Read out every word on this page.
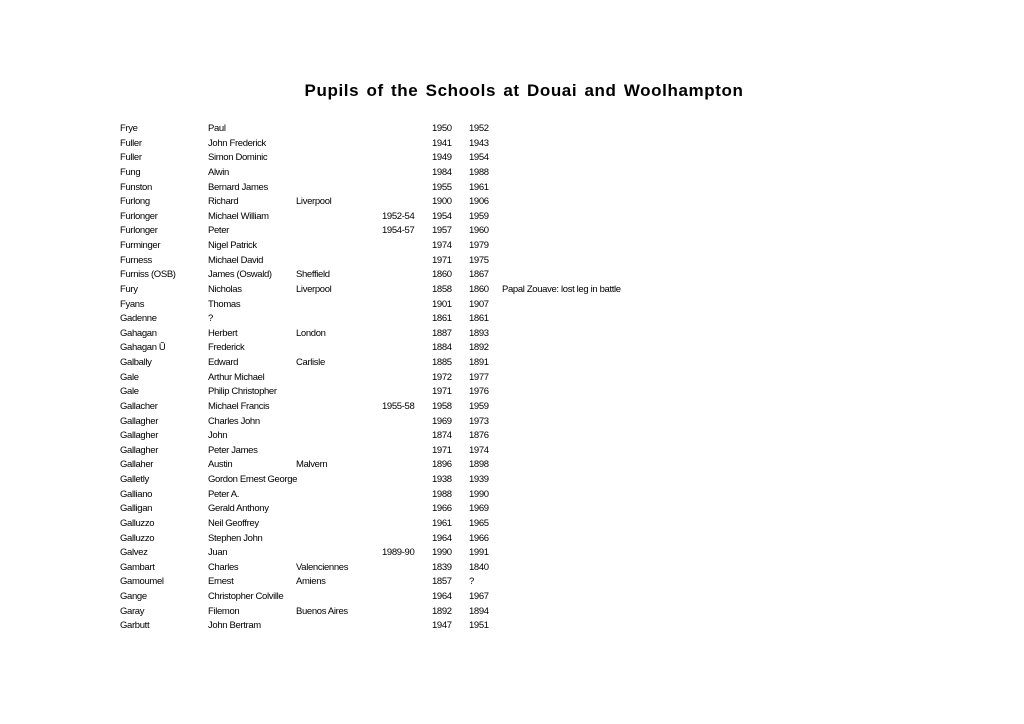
Pupils of the Schools at Douai and Woolhampton
Frye	Paul	1950 1952
Fuller	John Frederick	1941 1943
Fuller	Simon Dominic	1949 1954
Fung	Alwin	1984 1988
Funston	Bernard James	1955 1961
Furlong	Richard	Liverpool	1900 1906
Furlonger	Michael William	1952-54 1954 1959
Furlonger	Peter	1954-57 1957 1960
Furminger	Nigel Patrick	1974 1979
Furness	Michael David	1971 1975
Furniss (OSB)	James (Oswald)	Sheffield	1860 1867
Fury	Nicholas	Liverpool	1858 1860 Papal Zouave: lost leg in battle
Fyans	Thomas	1901 1907
Gadenne	?	1861 1861
Gahagan	Herbert	London	1887 1893
Gahagan Ũ	Frederick	1884 1892
Galbally	Edward	Carlisle	1885 1891
Gale	Arthur Michael	1972 1977
Gale	Philip Christopher	1971 1976
Gallacher	Michael Francis	1955-58 1958 1959
Gallagher	Charles John	1969 1973
Gallagher	John	1874 1876
Gallagher	Peter James	1971 1974
Gallaher	Austin	Malvern	1896 1898
Galletly	Gordon Ernest George	1938 1939
Galliano	Peter A.	1988 1990
Galligan	Gerald Anthony	1966 1969
Galluzzo	Neil Geoffrey	1961 1965
Galluzzo	Stephen John	1964 1966
Galvez	Juan	1989-90 1990 1991
Gambart	Charles	Valenciennes	1839 1840
Gamoumel	Ernest	Amiens	1857 ?
Gange	Christopher Colville	1964 1967
Garay	Filemon	Buenos Aires	1892 1894
Garbutt	John Bertram	1947 1951
